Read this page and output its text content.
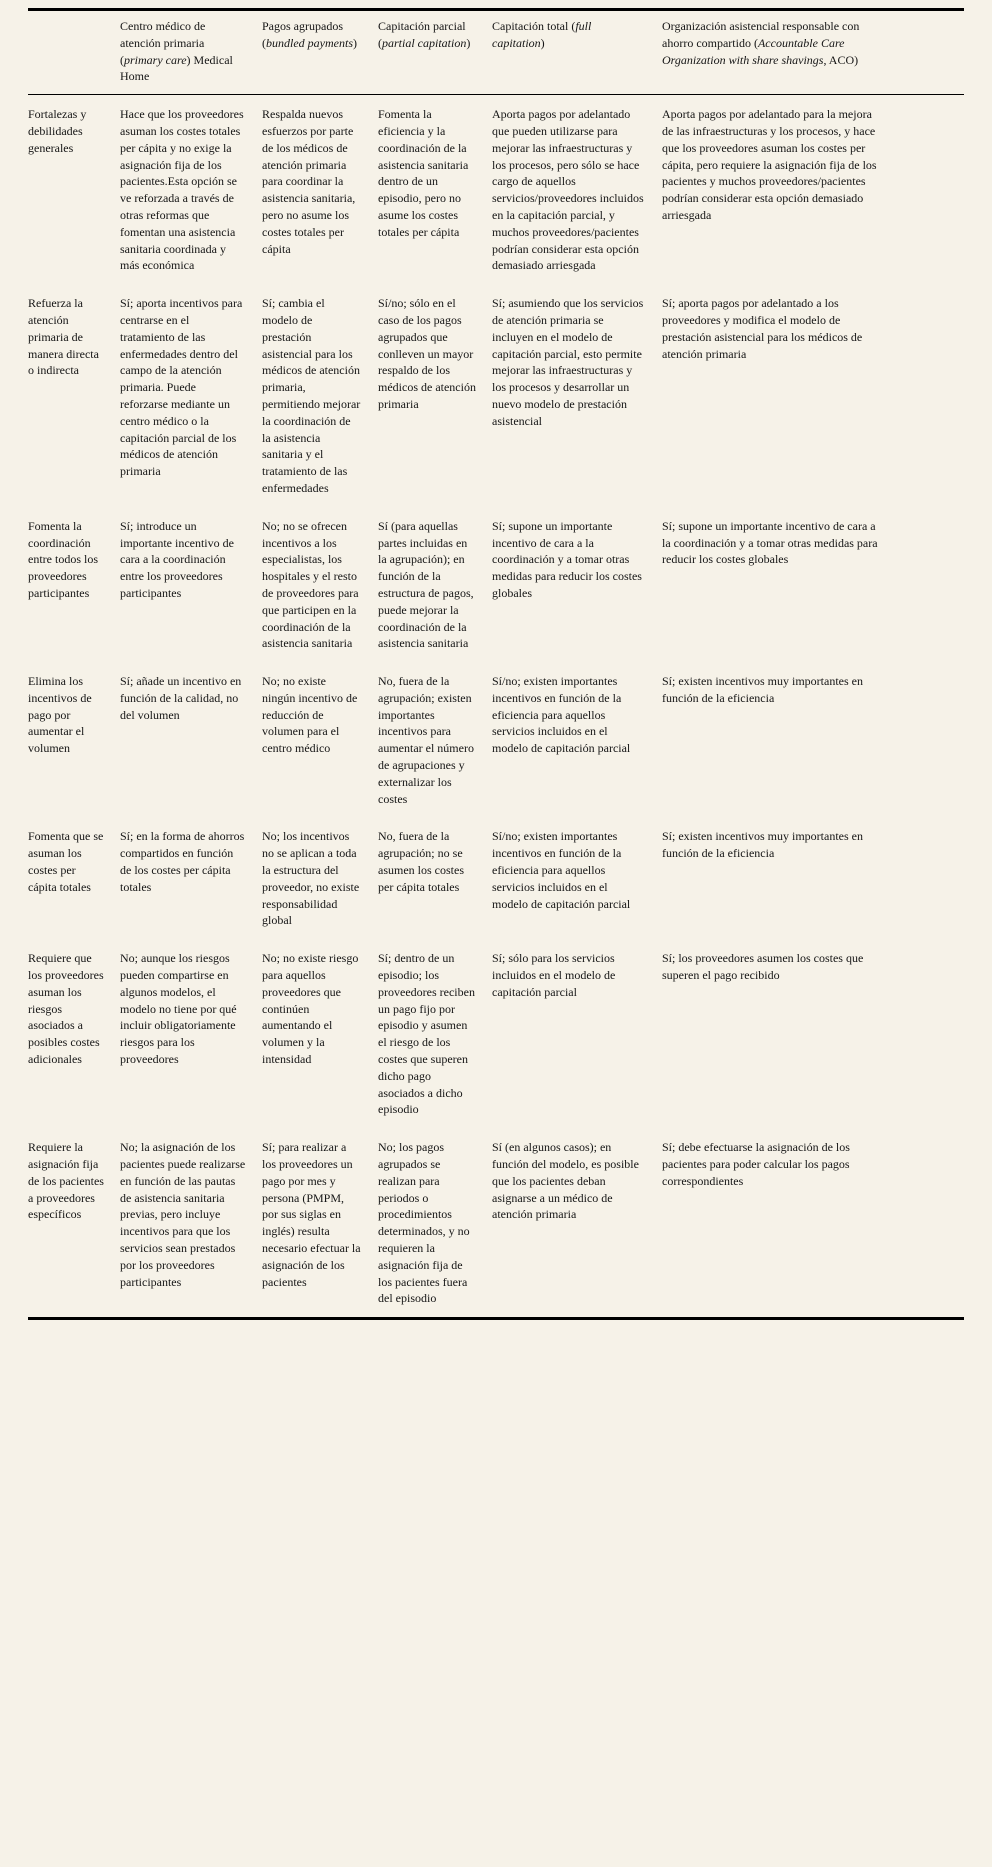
	Centro médico de atención primaria (primary care) Medical Home	Pagos agrupados (bundled payments)	Capitación parcial (partial capitation)	Capitación total (full capitation)	Organización asistencial responsable con ahorro compartido (Accountable Care Organization with share shavings, ACO)
Fortalezas y debilidades generales	Hace que los proveedores asuman los costes totales per cápita y no exige la asignación fija de los pacientes.Esta opción se ve reforzada a través de otras reformas que fomentan una asistencia sanitaria coordinada y más económica	Respalda nuevos esfuerzos por parte de los médicos de atención primaria para coordinar la asistencia sanitaria, pero no asume los costes totales per cápita	Fomenta la eficiencia y la coordinación de la asistencia sanitaria dentro de un episodio, pero no asume los costes totales per cápita	Aporta pagos por adelantado que pueden utilizarse para mejorar las infraestructuras y los procesos, pero sólo se hace cargo de aquellos servicios/proveedores incluidos en la capitación parcial, y muchos proveedores/pacientes podrían considerar esta opción demasiado arriesgada	Aporta pagos por adelantado para la mejora de las infraestructuras y los procesos, y hace que los proveedores asuman los costes per cápita, pero requiere la asignación fija de los pacientes y muchos proveedores/pacientes podrían considerar esta opción demasiado arriesgada
Refuerza la atención primaria de manera directa o indirecta	Sí; aporta incentivos para centrarse en el tratamiento de las enfermedades dentro del campo de la atención primaria. Puede reforzarse mediante un centro médico o la capitación parcial de los médicos de atención primaria	Sí; cambia el modelo de prestación asistencial para los médicos de atención primaria, permitiendo mejorar la coordinación de la asistencia sanitaria y el tratamiento de las enfermedades	Sí/no; sólo en el caso de los pagos agrupados que conlleven un mayor respaldo de los médicos de atención primaria	Sí; asumiendo que los servicios de atención primaria se incluyen en el modelo de capitación parcial, esto permite mejorar las infraestructuras y los procesos y desarrollar un nuevo modelo de prestación asistencial	Sí; aporta pagos por adelantado a los proveedores y modifica el modelo de prestación asistencial para los médicos de atención primaria
Fomenta la coordinación entre todos los proveedores participantes	Sí; introduce un importante incentivo de cara a la coordinación entre los proveedores participantes	No; no se ofrecen incentivos a los especialistas, los hospitales y el resto de proveedores para que participen en la coordinación de la asistencia sanitaria	Sí (para aquellas partes incluidas en la agrupación); en función de la estructura de pagos, puede mejorar la coordinación de la asistencia sanitaria	Sí; supone un importante incentivo de cara a la coordinación y a tomar otras medidas para reducir los costes globales	Sí; supone un importante incentivo de cara a la coordinación y a tomar otras medidas para reducir los costes globales
Elimina los incentivos de pago por aumentar el volumen	Sí; añade un incentivo en función de la calidad, no del volumen	No; no existe ningún incentivo de reducción de volumen para el centro médico	No, fuera de la agrupación; existen importantes incentivos para aumentar el número de agrupaciones y externalizar los costes	Sí/no; existen importantes incentivos en función de la eficiencia para aquellos servicios incluidos en el modelo de capitación parcial	Sí; existen incentivos muy importantes en función de la eficiencia
Fomenta que se asuman los costes per cápita totales	Sí; en la forma de ahorros compartidos en función de los costes per cápita totales	No; los incentivos no se aplican a toda la estructura del proveedor, no existe responsabilidad global	No, fuera de la agrupación; no se asumen los costes per cápita totales	Sí/no; existen importantes incentivos en función de la eficiencia para aquellos servicios incluidos en el modelo de capitación parcial	Sí; existen incentivos muy importantes en función de la eficiencia
Requiere que los proveedores asuman los riesgos asociados a posibles costes adicionales	No; aunque los riesgos pueden compartirse en algunos modelos, el modelo no tiene por qué incluir obligatoriamente riesgos para los proveedores	No; no existe riesgo para aquellos proveedores que continúen aumentando el volumen y la intensidad	Sí; dentro de un episodio; los proveedores reciben un pago fijo por episodio y asumen el riesgo de los costes que superen dicho pago asociados a dicho episodio	Sí; sólo para los servicios incluidos en el modelo de capitación parcial	Sí; los proveedores asumen los costes que superen el pago recibido
Requiere la asignación fija de los pacientes a proveedores específicos	No; la asignación de los pacientes puede realizarse en función de las pautas de asistencia sanitaria previas, pero incluye incentivos para que los servicios sean prestados por los proveedores participantes	Sí; para realizar a los proveedores un pago por mes y persona (PMPM, por sus siglas en inglés) resulta necesario efectuar la asignación de los pacientes	No; los pagos agrupados se realizan para periodos o procedimientos determinados, y no requieren la asignación fija de los pacientes fuera del episodio	Sí (en algunos casos); en función del modelo, es posible que los pacientes deban asignarse a un médico de atención primaria	Sí; debe efectuarse la asignación de los pacientes para poder calcular los pagos correspondientes
